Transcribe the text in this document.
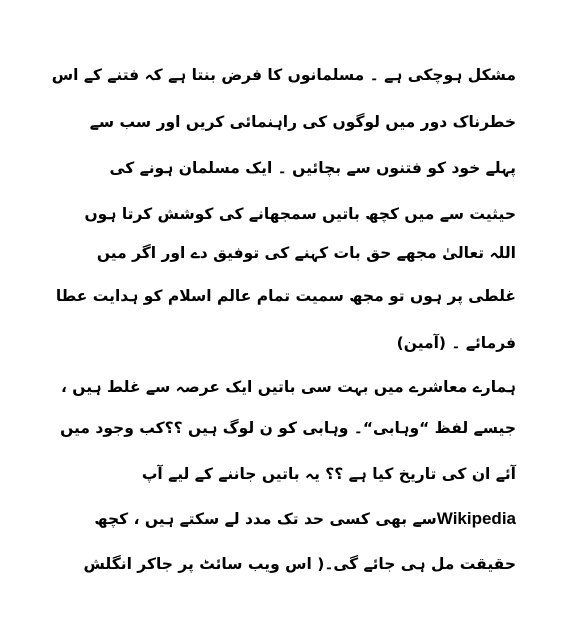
مشکل ہوچکی ہے ۔ مسلمانوں کا فرض بنتا ہے کہ فتنے کے اس
خطرناک دور میں لوگوں کی راہنمائی کریں اور سب سے
پہلے خود کو فتنوں سے بچائیں ۔ ایک مسلمان ہونے کی
حیثیت سے میں کچھ باتیں سمجھانے کی کوشش کرتا ہوں
اللہ تعالیٰ مجھے حق بات کہنے کی توفیق دے اور اگر میں
غلطی پر ہوں تو مجھ سمیت تمام عالم اسلام کو ہدایت عطا
فرمائے ۔ (آمین)
ہمارے معاشرے میں بہت سی باتیں ایک عرصہ سے غلط ہیں ،
جیسے لفظ “وہابی“۔ وہابی کو ن لوگ ہیں ؟؟کب وجود میں
آئے ان کی تاریخ کیا ہے ؟؟ یہ باتیں جاننے کے لیے آپ
Wikipediaسے بھی کسی حد تک مدد لے سکتے ہیں ، کچھ
حقیقت مل ہی جائے گی۔( اس ویب سائٹ پر جاکر انگلش
